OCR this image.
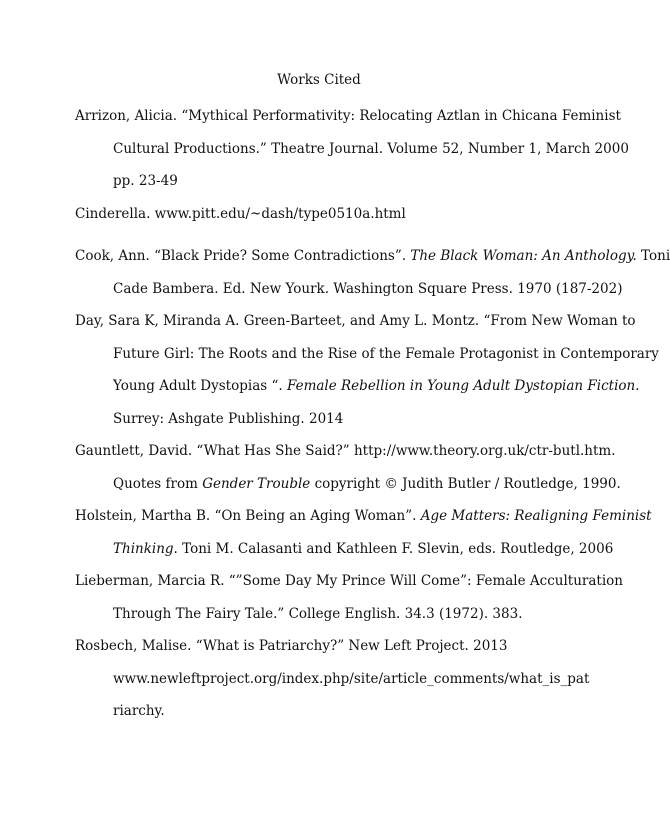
Works Cited
Arrizon, Alicia. “Mythical Performativity: Relocating Aztlan in Chicana Feminist
Cultural Productions.” Theatre Journal. Volume 52, Number 1, March 2000
pp. 23-49
Cinderella. www.pitt.edu/~dash/type0510a.html
Cook, Ann. “Black Pride? Some Contradictions”. The Black Woman: An Anthology. Toni
Cade Bambera. Ed. New Yourk. Washington Square Press. 1970 (187-202)
Day, Sara K, Miranda A. Green-Barteet, and Amy L. Montz. “From New Woman to
Future Girl: The Roots and the Rise of the Female Protagonist in Contemporary
Young Adult Dystopias “. Female Rebellion in Young Adult Dystopian Fiction.
Surrey: Ashgate Publishing. 2014
Gauntlett, David. “What Has She Said?” http://www.theory.org.uk/ctr-butl.htm.
Quotes from Gender Trouble copyright © Judith Butler / Routledge, 1990.
Holstein, Martha B. “On Being an Aging Woman”. Age Matters: Realigning Feminist
Thinking. Toni M. Calasanti and Kathleen F. Slevin, eds. Routledge, 2006
Lieberman, Marcia R. “”Some Day My Prince Will Come”: Female Acculturation
Through The Fairy Tale.” College English. 34.3 (1972). 383.
Rosbech, Malise. “What is Patriarchy?” New Left Project. 2013
www.newleftproject.org/index.php/site/article_comments/what_is_pat
riarchy.
